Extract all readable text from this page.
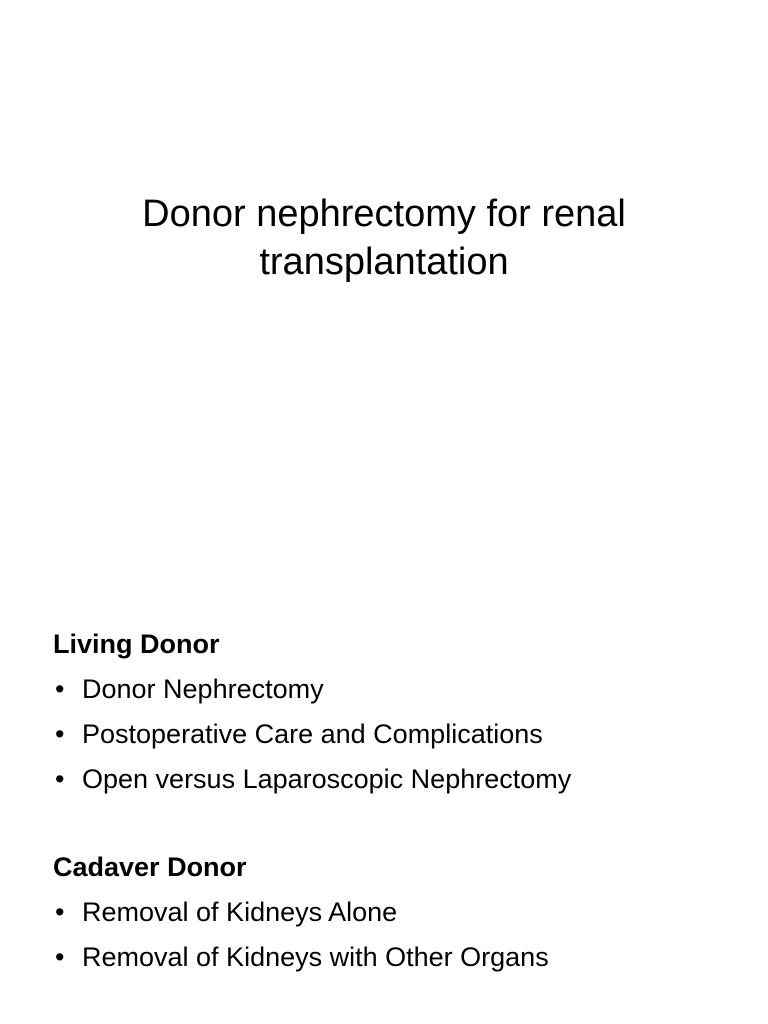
Donor nephrectomy for renal transplantation
Living Donor
• Donor Nephrectomy
• Postoperative Care and Complications
• Open versus Laparoscopic Nephrectomy
Cadaver Donor
• Removal of Kidneys Alone
• Removal of Kidneys with Other Organs
